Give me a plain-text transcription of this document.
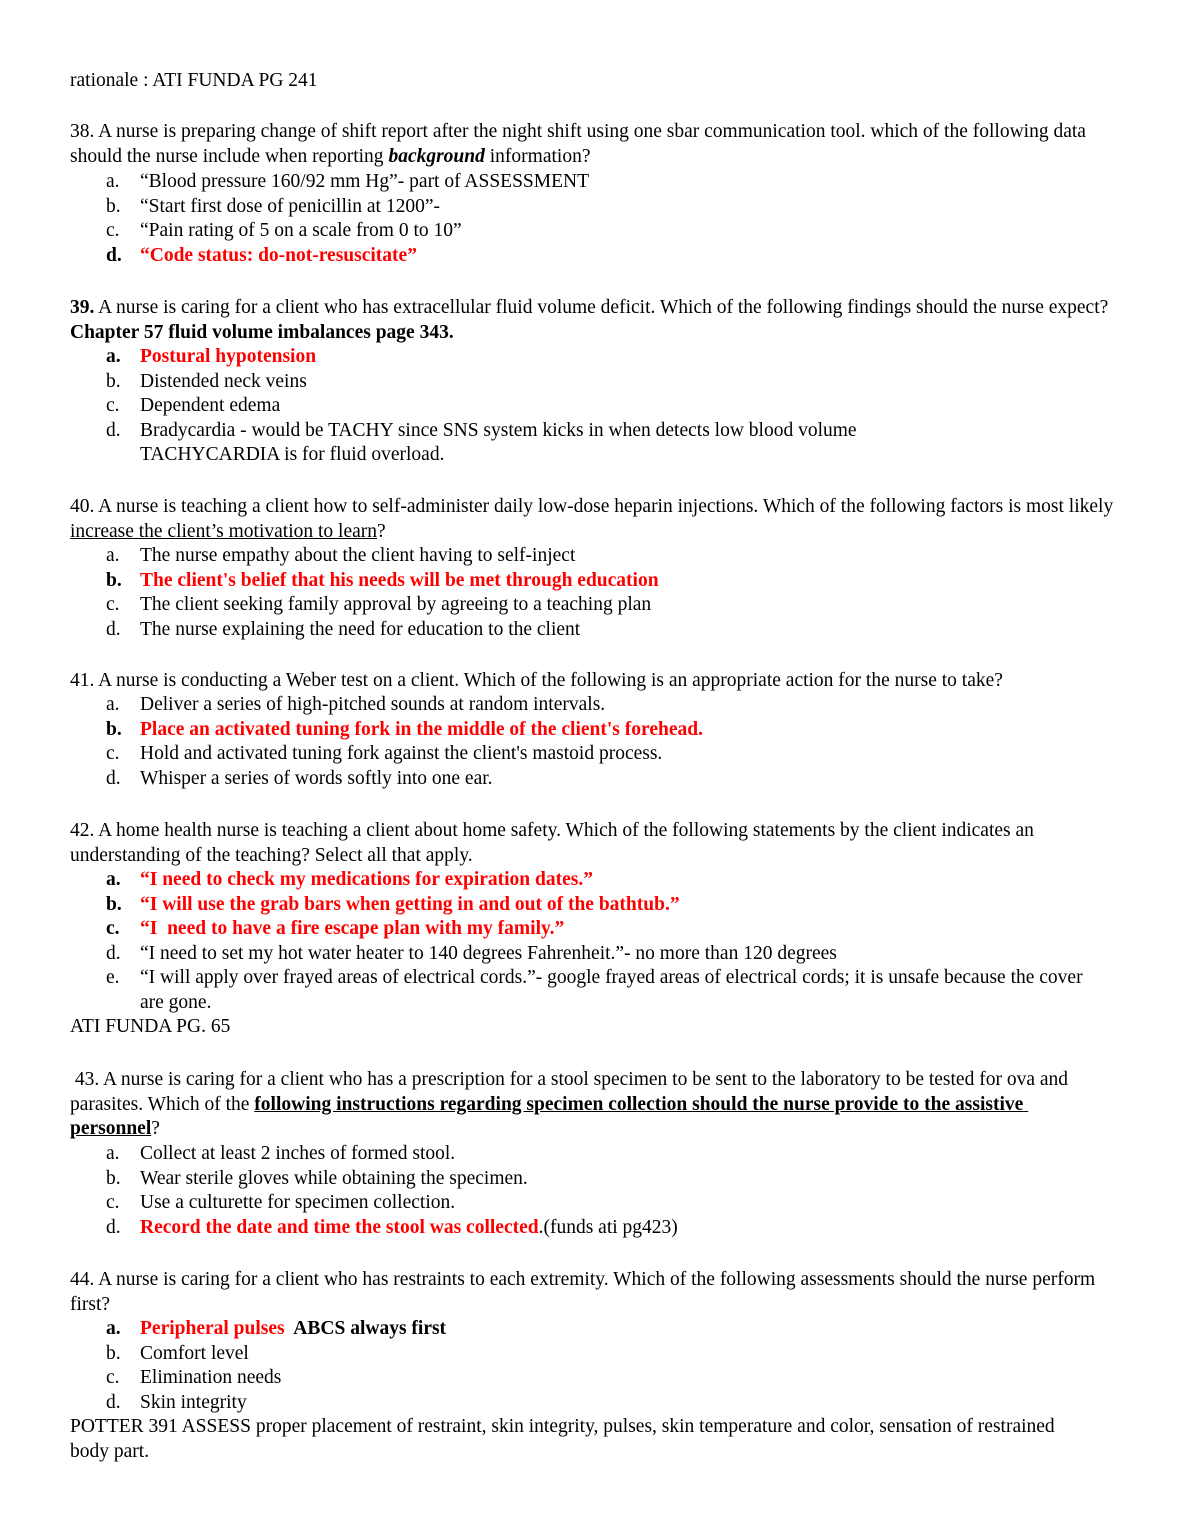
rationale : ATI FUNDA PG 241

38. A nurse is preparing change of shift report after the night shift using one sbar communication tool. which of the following data should the nurse include when reporting background information?

a. “Blood pressure 160/92 mm Hg”- part of ASSESSMENT
b. “Start first dose of penicillin at 1200”-
c. “Pain rating of 5 on a scale from 0 to 10”
d. “Code status: do-not-resuscitate”

39. A nurse is caring for a client who has extracellular fluid volume deficit. Which of the following findings should the nurse expect? Chapter 57 fluid volume imbalances page 343.

a. Postural hypotension
b. Distended neck veins
c. Dependent edema
d. Bradycardia - would be TACHY since SNS system kicks in when detects low blood volume TACHYCARDIA is for fluid overload.

40. A nurse is teaching a client how to self-administer daily low-dose heparin injections. Which of the following factors is most likely increase the client’s motivation to learn?

a. The nurse empathy about the client having to self-inject
b. The client's belief that his needs will be met through education
c. The client seeking family approval by agreeing to a teaching plan
d. The nurse explaining the need for education to the client

41. A nurse is conducting a Weber test on a client. Which of the following is an appropriate action for the nurse to take?

a. Deliver a series of high-pitched sounds at random intervals.
b. Place an activated tuning fork in the middle of the client's forehead.
c. Hold and activated tuning fork against the client's mastoid process.
d. Whisper a series of words softly into one ear.

42. A home health nurse is teaching a client about home safety. Which of the following statements by the client indicates an understanding of the teaching? Select all that apply.

a. “I need to check my medications for expiration dates.”
b. “I will use the grab bars when getting in and out of the bathtub.”
c. “I  need to have a fire escape plan with my family.”
d. “I need to set my hot water heater to 140 degrees Fahrenheit.”- no more than 120 degrees
e. “I will apply over frayed areas of electrical cords.”- google frayed areas of electrical cords; it is unsafe because the cover are gone.

ATI FUNDA PG. 65

43. A nurse is caring for a client who has a prescription for a stool specimen to be sent to the laboratory to be tested for ova and parasites. Which of the following instructions regarding specimen collection should the nurse provide to the assistive personnel?

a. Collect at least 2 inches of formed stool.
b. Wear sterile gloves while obtaining the specimen.
c. Use a culturette for specimen collection.
d. Record the date and time the stool was collected.(funds ati pg423)

44. A nurse is caring for a client who has restraints to each extremity. Which of the following assessments should the nurse perform first?

a. Peripheral pulses  ABCS always first
b. Comfort level
c. Elimination needs
d. Skin integrity

POTTER 391 ASSESS proper placement of restraint, skin integrity, pulses, skin temperature and color, sensation of restrained body part.
